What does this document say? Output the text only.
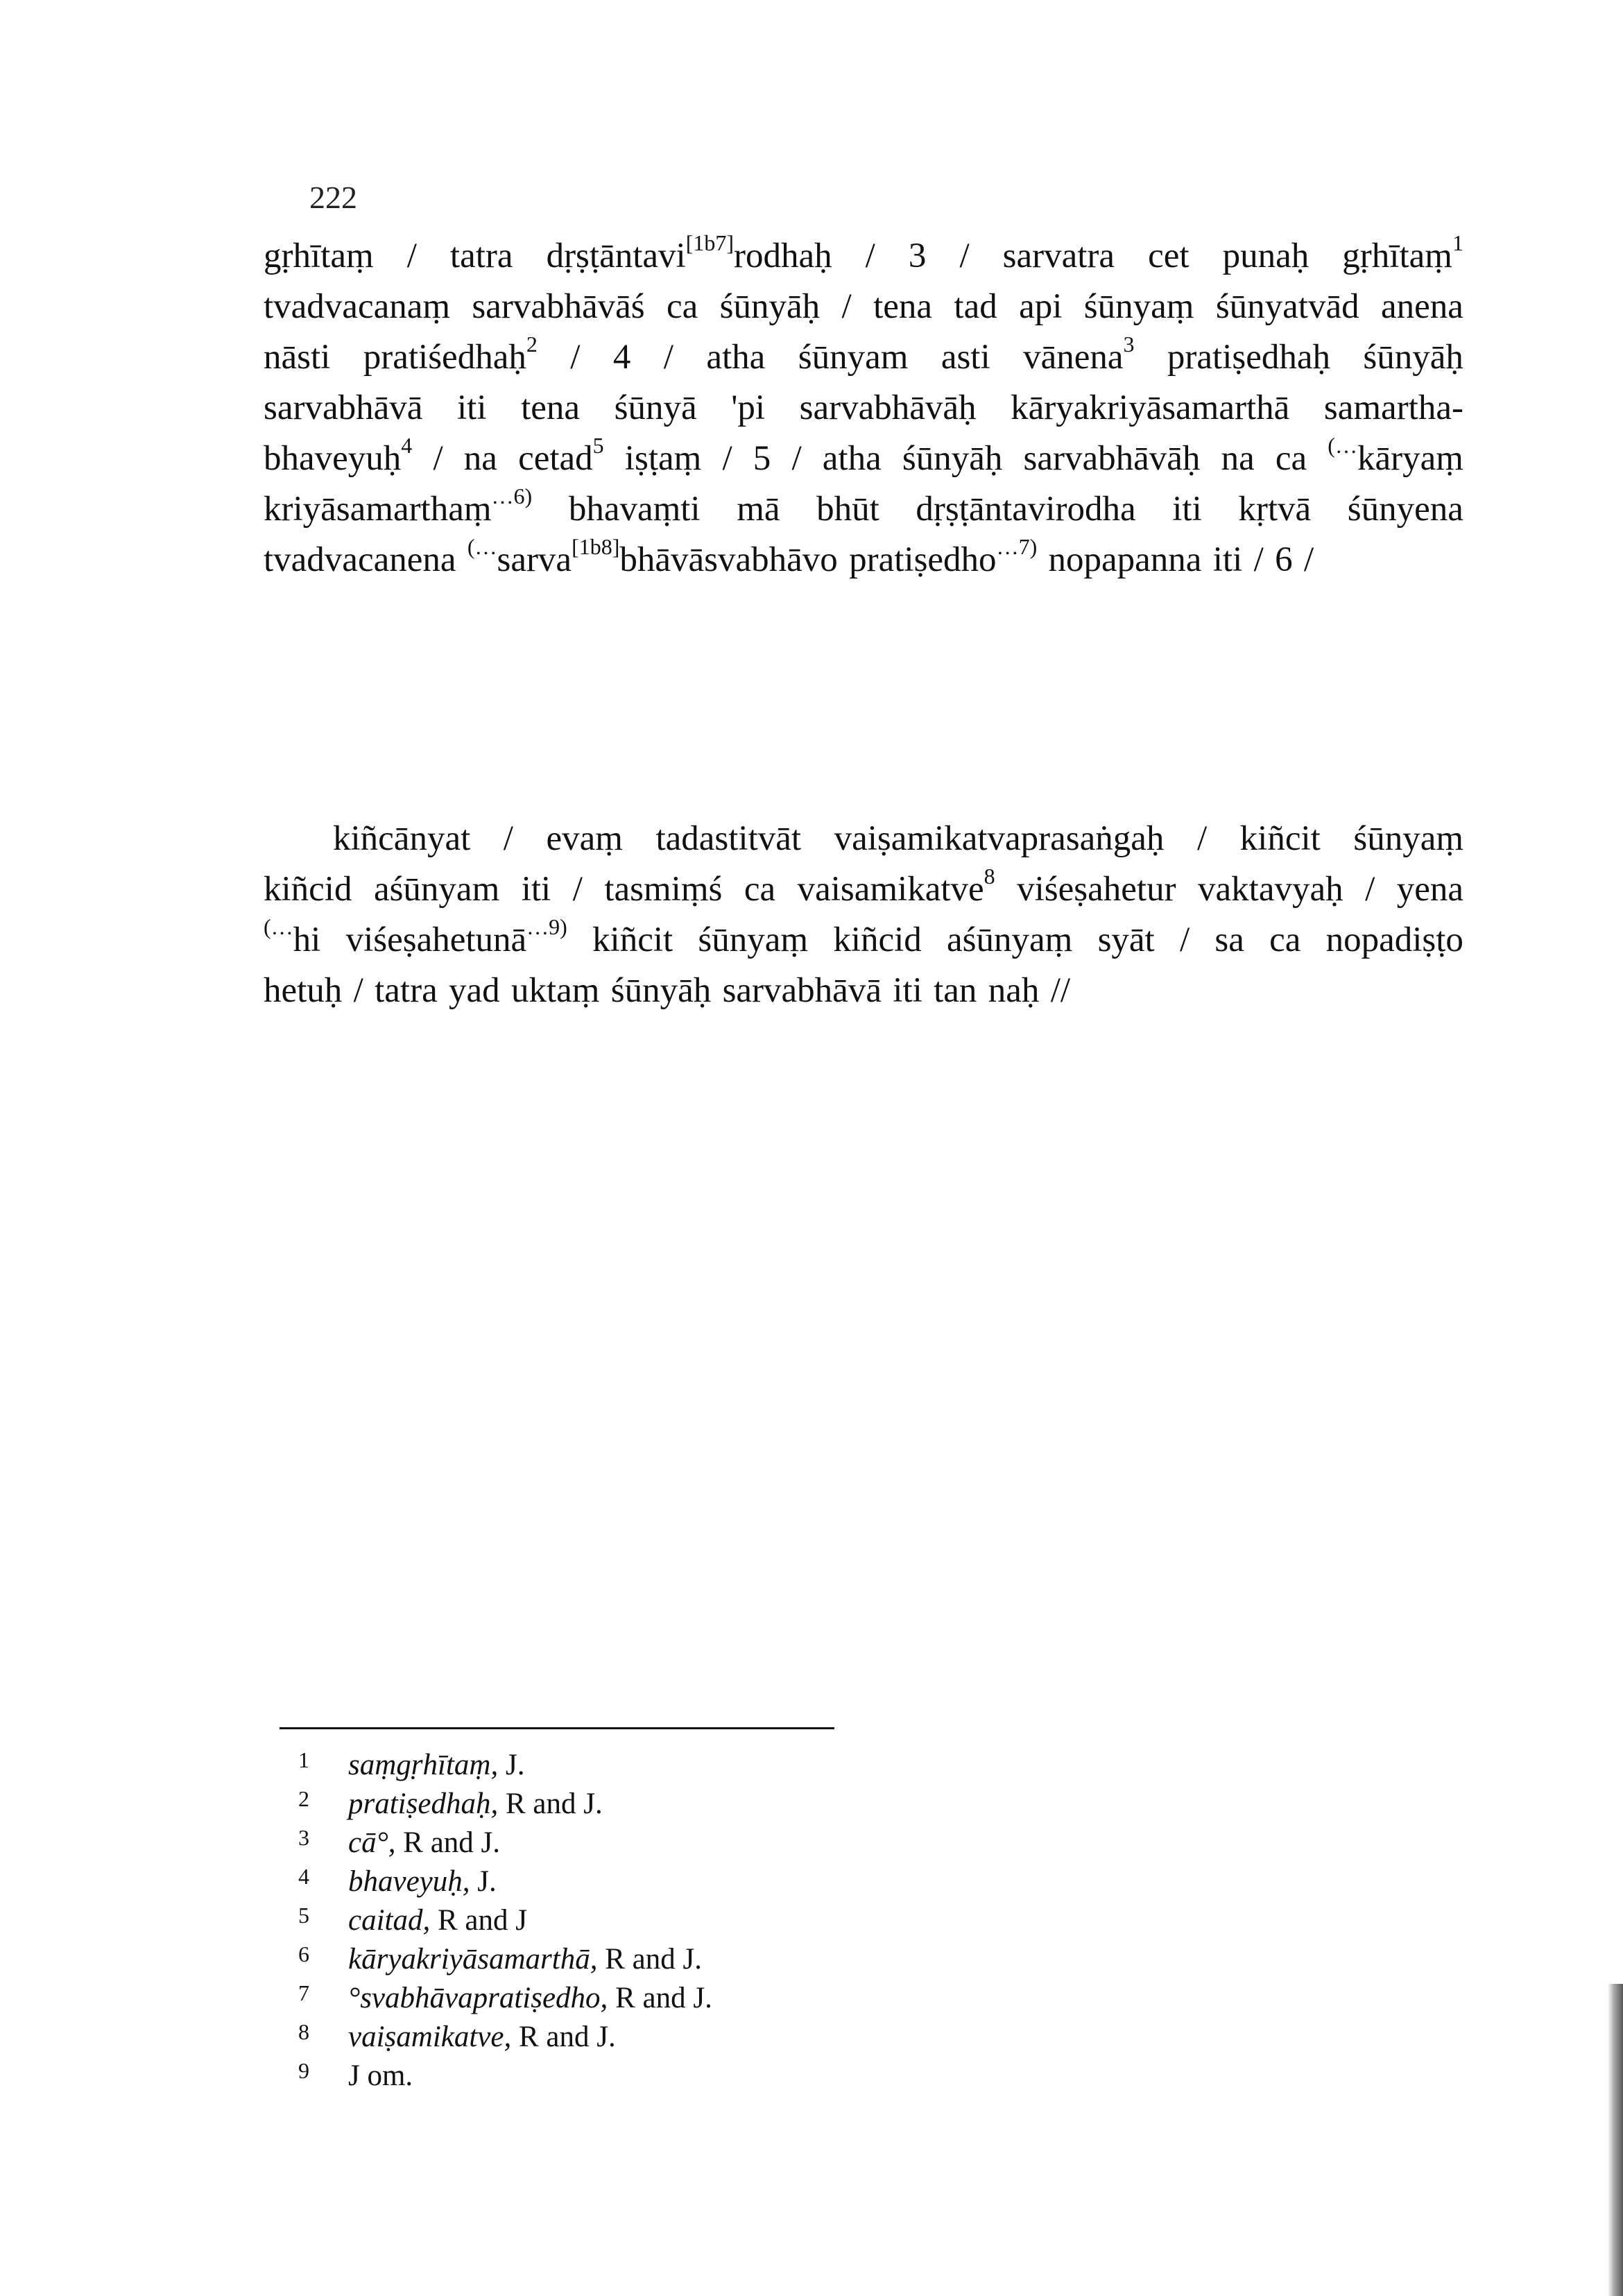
222
gṛhītaṃ / tatra dṛṣṭāntavi[1b7]rodhaḥ / 3 / sarvatra cet punaḥ gṛhītaṃ$^1$
tvadvacanaṃ sarvabhāvāś ca śūnyāḥ / tena tad api śūnyaṃ śūnyatvād anena
nāsti pratiśedhaḥ$^2$ / 4 / atha śūnyam asti vānena$^3$ pratiṣedhaḥ śūnyāḥ
sarvabhāvā iti tena śūnyā 'pi sarvabhāvāḥ kāryakriyāsamarthā samartha-
bhaveyuḥ$^4$ / na cetad$^5$ iṣṭaṃ / 5 / atha śūnyāḥ sarvabhāvāḥ na ca (…kāryaṃ
kriyāsamarthaṃ$^{\dots 6)}$ bhavaṃti mā bhūt dṛṣṭāntavirodha iti kṛtvā śūnyena
tvadvacanena (…sarva[1b8]bhāvāsvabhāvo pratiṣedho$^{\dots 7)}$ nopapanna iti / 6 /
kiñcānyat / evaṃ tadastitvāt vaiṣamikatvaprasaṅgaḥ / kiñcit śūnyaṃ
kiñcid aśūnyam iti / tasmiṃś ca vaisamikatve$^8$ viśeṣahetur vaktavyaḥ / yena
(…hi viśeṣahetunā$^{\dots 9)}$ kiñcit śūnyaṃ kiñcid aśūnyaṃ syāt / sa ca nopadiṣṭo
hetuḥ / tatra yad uktaṃ śūnyāḥ sarvabhāvā iti tan naḥ //
1	saṃgṛhītaṃ, J.
2	pratiṣedhaḥ, R and J.
3	cā°, R and J.
4	bhaveyuḥ, J.
5	caitad, R and J
6	kāryakriyāsamarthā, R and J.
7	°svabhāvapratiṣedho, R and J.
8	vaiṣamikatve, R and J.
9	J om.
